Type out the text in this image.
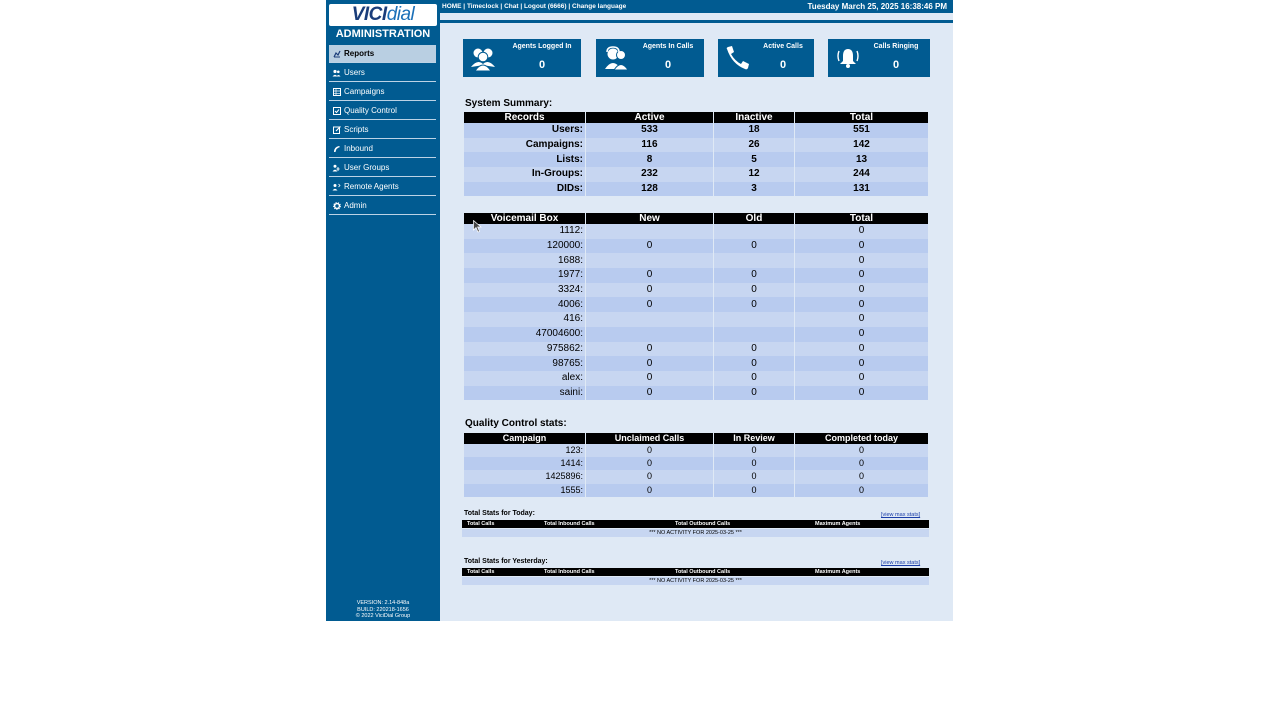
VICI dial
ADMINISTRATION
Reports
Users
Campaigns
Quality Control
Scripts
Inbound
User Groups
Remote Agents
Admin
VERSION: 2.14-848a
BUILD: 220218-1656
© 2022 ViciDial Group
HOME | Timeclock | Chat | Logout (6666) | Change language	Tuesday March 25, 2025 16:38:46 PM
Agents Logged In
0
Agents In Calls
0
Active Calls
0
Calls Ringing
0
System Summary:
Records	Active	Inactive	Total
Users:	533	18	551
Campaigns:	116	26	142
Lists:	8	5	13
In-Groups:	232	12	244
DIDs:	128	3	131
Voicemail Box	New	Old	Total
1112:			0
120000:	0	0	0
1688:			0
1977:	0	0	0
3324:	0	0	0
4006:	0	0	0
416:			0
47004600:			0
975862:	0	0	0
98765:	0	0	0
alex:	0	0	0
saini:	0	0	0
Quality Control stats:
Campaign	Unclaimed Calls	In Review	Completed today
123:	0	0	0
1414:	0	0	0
1425896:	0	0	0
1555:	0	0	0
Total Stats for Today:	[view max stats]
Total Calls	Total Inbound Calls	Total Outbound Calls	Maximum Agents
*** NO ACTIVITY FOR 2025-03-25 ***
Total Stats for Yesterday:	[view max stats]
Total Calls	Total Inbound Calls	Total Outbound Calls	Maximum Agents
*** NO ACTIVITY FOR 2025-03-25 ***
